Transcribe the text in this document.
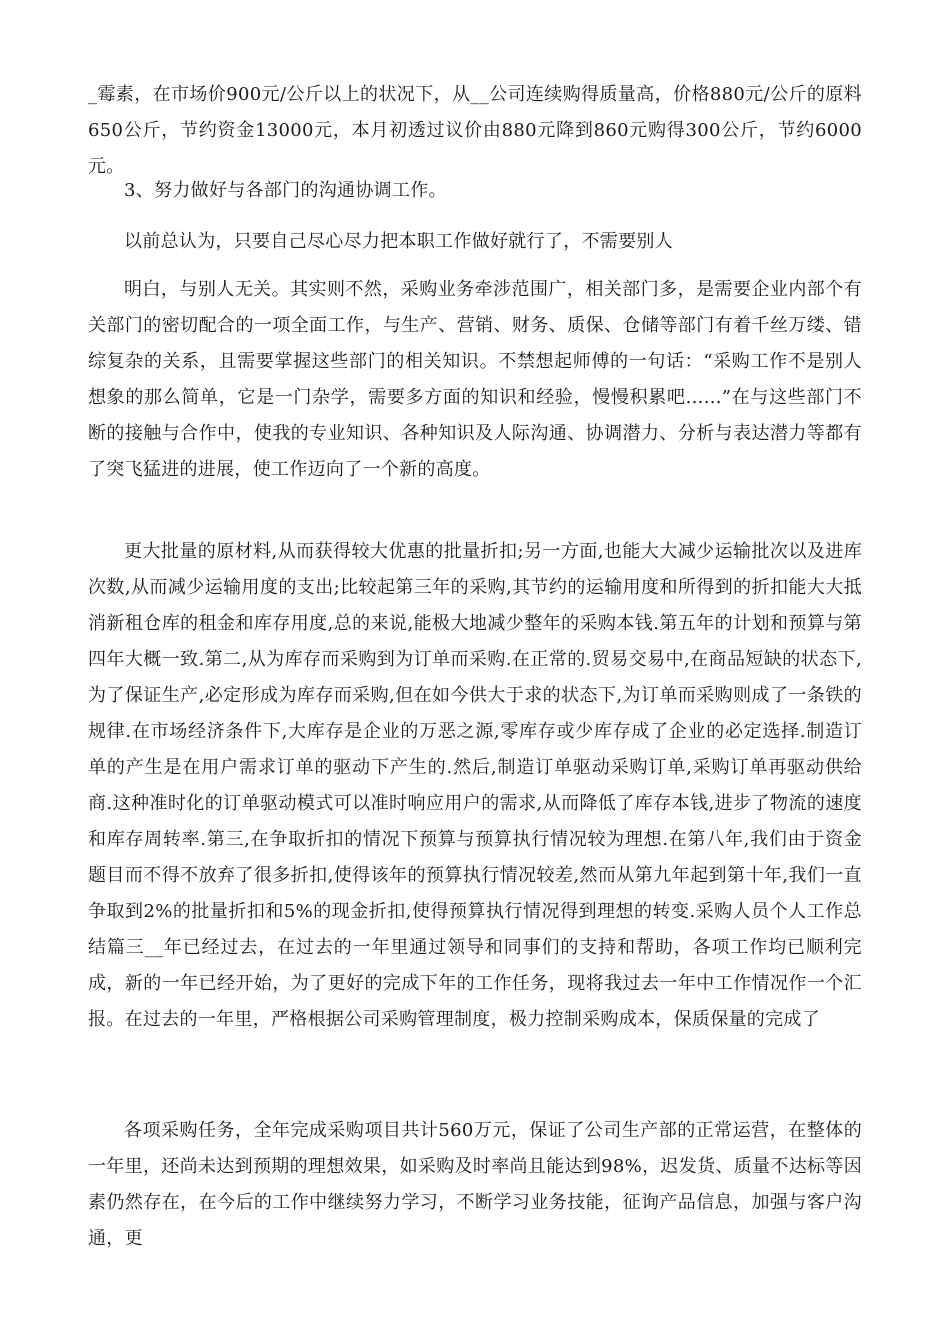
_霉素，在市场价900元/公斤以上的状况下，从__公司连续购得质量高，价格880元/公斤的原料650公斤，节约资金13000元，本月初透过议价由880元降到860元购得300公斤，节约6000元。

3、努力做好与各部门的沟通协调工作。

以前总认为，只要自己尽心尽力把本职工作做好就行了，不需要别人

明白，与别人无关。其实则不然，采购业务牵涉范围广，相关部门多，是需要企业内部个有关部门的密切配合的一项全面工作，与生产、营销、财务、质保、仓储等部门有着千丝万缕、错综复杂的关系，且需要掌握这些部门的相关知识。不禁想起师傅的一句话：“采购工作不是别人想象的那么简单，它是一门杂学，需要多方面的知识和经验，慢慢积累吧......”在与这些部门不断的接触与合作中，使我的专业知识、各种知识及人际沟通、协调潜力、分析与表达潜力等都有了突飞猛进的进展，使工作迈向了一个新的高度。

更大批量的原材料,从而获得较大优惠的批量折扣;另一方面,也能大大减少运输批次以及进库次数,从而减少运输用度的支出;比较起第三年的采购,其节约的运输用度和所得到的折扣能大大抵消新租仓库的租金和库存用度,总的来说,能极大地减少整年的采购本钱.第五年的计划和预算与第四年大概一致.第二,从为库存而采购到为订单而采购.在正常的.贸易交易中,在商品短缺的状态下,为了保证生产,必定形成为库存而采购,但在如今供大于求的状态下,为订单而采购则成了一条铁的规律.在市场经济条件下,大库存是企业的万恶之源,零库存或少库存成了企业的必定选择.制造订单的产生是在用户需求订单的驱动下产生的.然后,制造订单驱动采购订单,采购订单再驱动供给商.这种准时化的订单驱动模式可以准时响应用户的需求,从而降低了库存本钱,进步了物流的速度和库存周转率.第三,在争取折扣的情况下预算与预算执行情况较为理想.在第八年,我们由于资金题目而不得不放弃了很多折扣,使得该年的预算执行情况较差,然而从第九年起到第十年,我们一直争取到2%的批量折扣和5%的现金折扣,使得预算执行情况得到理想的转变.采购人员个人工作总结篇三__年已经过去，在过去的一年里通过领导和同事们的支持和帮助，各项工作均已顺利完成，新的一年已经开始，为了更好的完成下年的工作任务，现将我过去一年中工作情况作一个汇报。在过去的一年里，严格根据公司采购管理制度，极力控制采购成本，保质保量的完成了

各项采购任务，全年完成采购项目共计560万元，保证了公司生产部的正常运营，在整体的一年里，还尚未达到预期的理想效果，如采购及时率尚且能达到98%，迟发货、质量不达标等因素仍然存在，在今后的工作中继续努力学习，不断学习业务技能，征询产品信息，加强与客户沟通，更
